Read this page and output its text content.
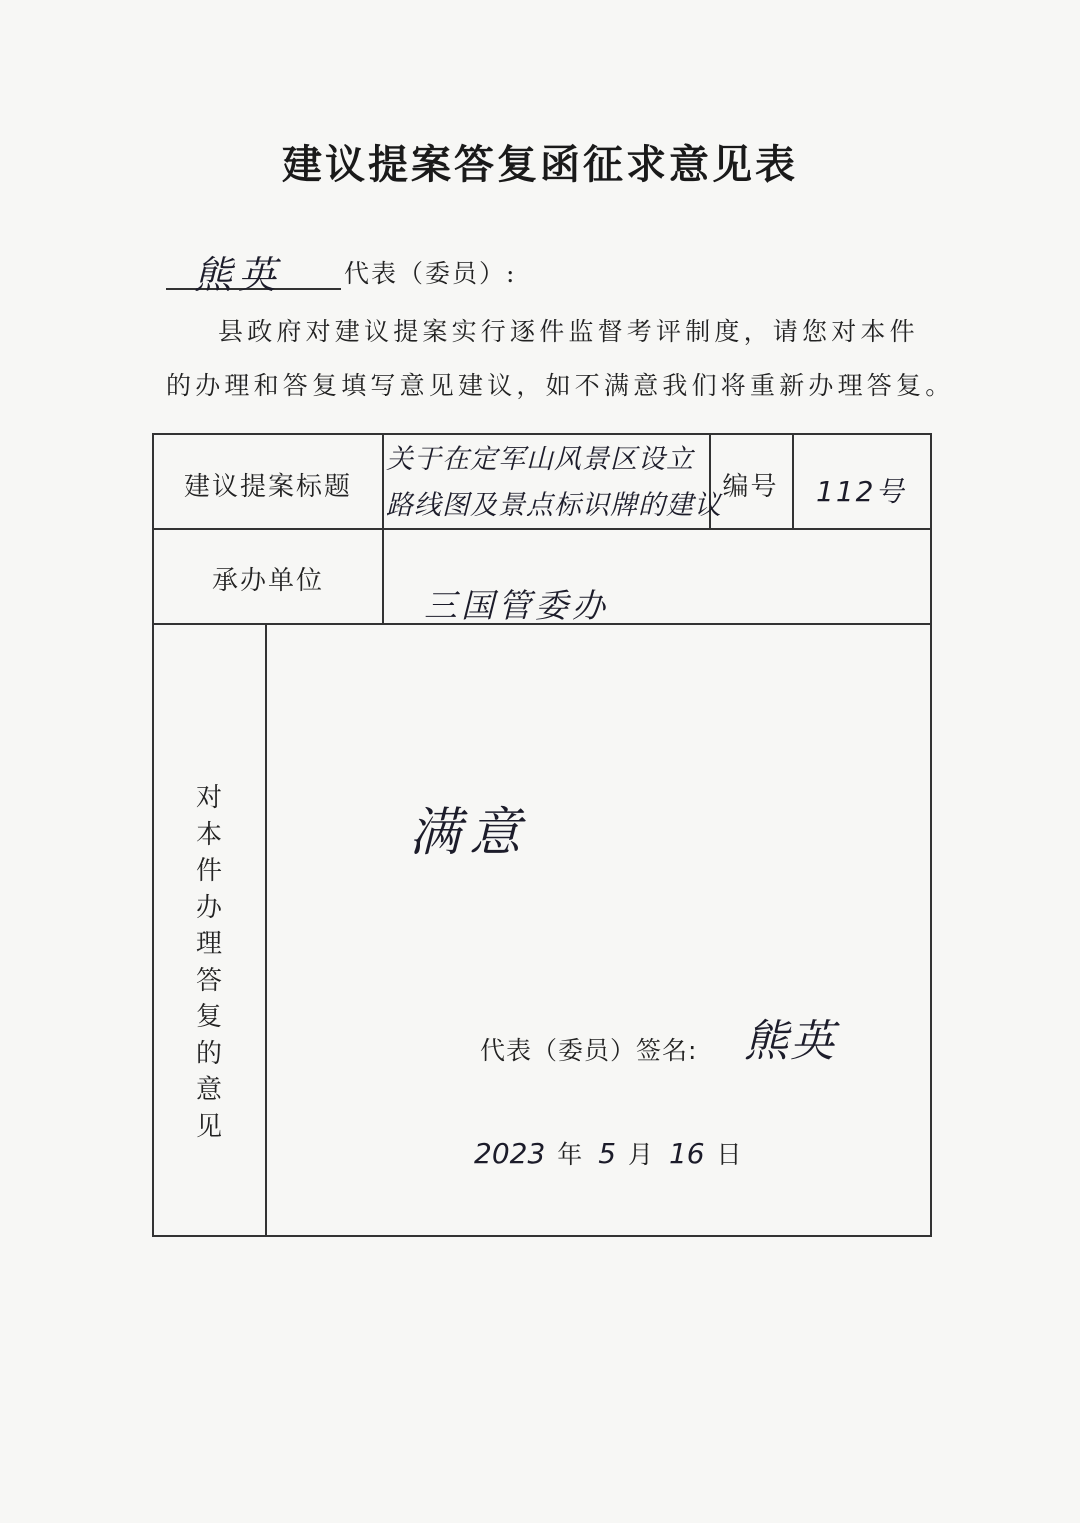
建议提案答复函征求意见表
熊英 代表（委员）:
县政府对建议提案实行逐件监督考评制度，请您对本件
的办理和答复填写意见建议，如不满意我们将重新办理答复。
建议提案标题
关于在定军山风景区设立
路线图及景点标识牌的建议
编号	112号
承办单位
三国管委办
对
本
件
办
理
答
复
的
意
见
满意
代表（委员）签名: 熊英
2023 年 5 月 16 日
